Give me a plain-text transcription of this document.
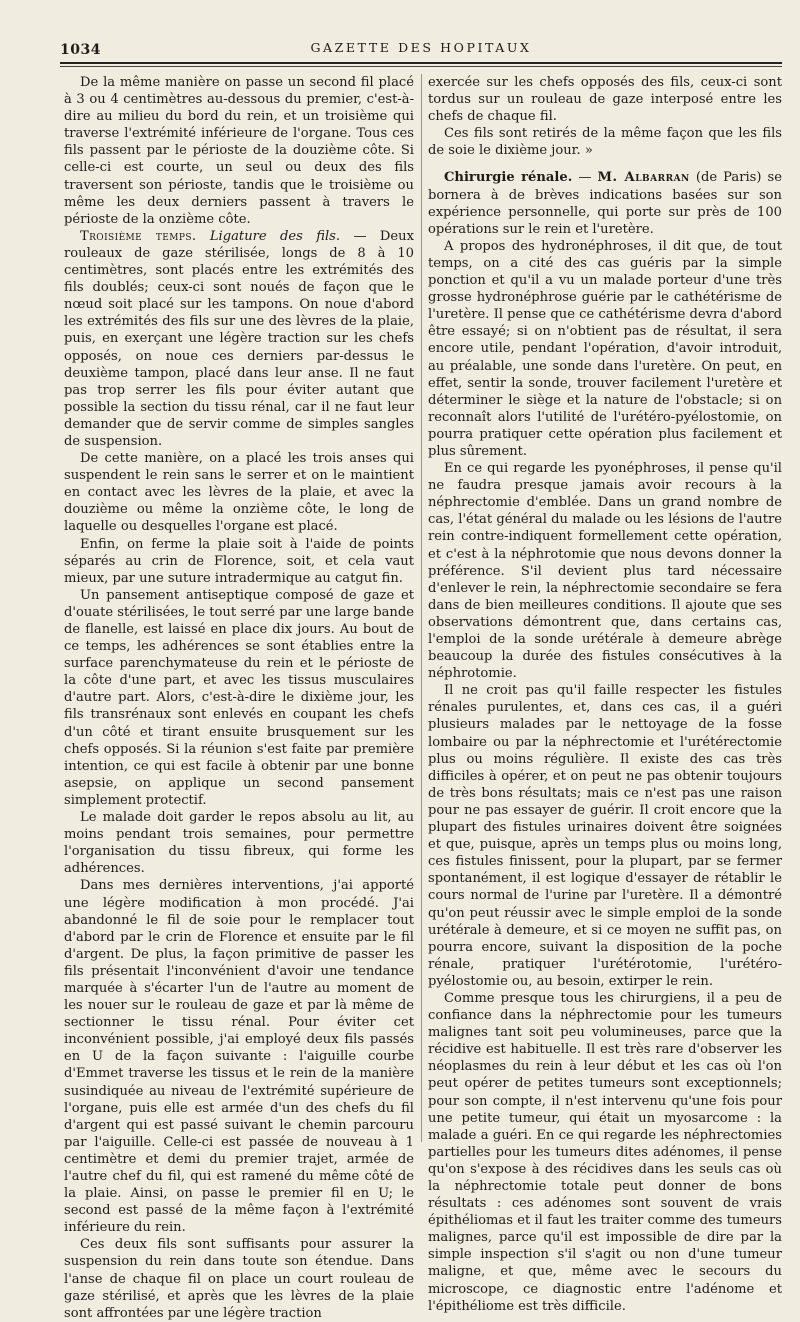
1034	GAZETTE DES HOPITAUX

De la même manière on passe un second fil placé à 3 ou 4 centimètres au-dessous du premier, c'est-à-dire au milieu du bord du rein, et un troisième qui traverse l'extrémité inférieure de l'organe. Tous ces fils passent par le périoste de la douzième côte. Si celle-ci est courte, un seul ou deux des fils traversent son périoste, tandis que le troisième ou même les deux derniers passent à travers le périoste de la onzième côte.

Troisième temps. Ligature des fils. — Deux rouleaux de gaze stérilisée, longs de 8 à 10 centimètres, sont placés entre les extrémités des fils doublés; ceux-ci sont noués de façon que le nœud soit placé sur les tampons. On noue d'abord les extrémités des fils sur une des lèvres de la plaie, puis, en exerçant une légère traction sur les chefs opposés, on noue ces derniers par-dessus le deuxième tampon, placé dans leur anse. Il ne faut pas trop serrer les fils pour éviter autant que possible la section du tissu rénal, car il ne faut leur demander que de servir comme de simples sangles de suspension.

De cette manière, on a placé les trois anses qui suspendent le rein sans le serrer et on le maintient en contact avec les lèvres de la plaie, et avec la douzième ou même la onzième côte, le long de laquelle ou desquelles l'organe est placé.

Enfin, on ferme la plaie soit à l'aide de points séparés au crin de Florence, soit, et cela vaut mieux, par une suture intradermique au catgut fin.

Un pansement antiseptique composé de gaze et d'ouate stérilisées, le tout serré par une large bande de flanelle, est laissé en place dix jours. Au bout de ce temps, les adhérences se sont établies entre la surface parenchymateuse du rein et le périoste de la côte d'une part, et avec les tissus musculaires d'autre part. Alors, c'est-à-dire le dixième jour, les fils transrénaux sont enlevés en coupant les chefs d'un côté et tirant ensuite brusquement sur les chefs opposés. Si la réunion s'est faite par première intention, ce qui est facile à obtenir par une bonne asepsie, on applique un second pansement simplement protectif.

Le malade doit garder le repos absolu au lit, au moins pendant trois semaines, pour permettre l'organisation du tissu fibreux, qui forme les adhérences.

Dans mes dernières interventions, j'ai apporté une légère modification à mon procédé. J'ai abandonné le fil de soie pour le remplacer tout d'abord par le crin de Florence et ensuite par le fil d'argent. De plus, la façon primitive de passer les fils présentait l'inconvénient d'avoir une tendance marquée à s'écarter l'un de l'autre au moment de les nouer sur le rouleau de gaze et par là même de sectionner le tissu rénal. Pour éviter cet inconvénient possible, j'ai employé deux fils passés en U de la façon suivante : l'aiguille courbe d'Emmet traverse les tissus et le rein de la manière susindiquée au niveau de l'extrémité supérieure de l'organe, puis elle est armée d'un des chefs du fil d'argent qui est passé suivant le chemin parcouru par l'aiguille. Celle-ci est passée de nouveau à 1 centimètre et demi du premier trajet, armée de l'autre chef du fil, qui est ramené du même côté de la plaie. Ainsi, on passe le premier fil en U; le second est passé de la même façon à l'extrémité inférieure du rein.

Ces deux fils sont suffisants pour assurer la suspension du rein dans toute son étendue. Dans l'anse de chaque fil on place un court rouleau de gaze stérilisé, et après que les lèvres de la plaie sont affrontées par une légère traction

exercée sur les chefs opposés des fils, ceux-ci sont tordus sur un rouleau de gaze interposé entre les chefs de chaque fil.

Ces fils sont retirés de la même façon que les fils de soie le dixième jour. »

Chirurgie rénale. — M. Albarran (de Paris) se bornera à de brèves indications basées sur son expérience personnelle, qui porte sur près de 100 opérations sur le rein et l'uretère.

A propos des hydronéphroses, il dit que, de tout temps, on a cité des cas guéris par la simple ponction et qu'il a vu un malade porteur d'une très grosse hydronéphrose guérie par le cathétérisme de l'uretère. Il pense que ce cathétérisme devra d'abord être essayé; si on n'obtient pas de résultat, il sera encore utile, pendant l'opération, d'avoir introduit, au préalable, une sonde dans l'uretère. On peut, en effet, sentir la sonde, trouver facilement l'uretère et déterminer le siège et la nature de l'obstacle; si on reconnaît alors l'utilité de l'urétéro-pyélostomie, on pourra pratiquer cette opération plus facilement et plus sûrement.

En ce qui regarde les pyonéphroses, il pense qu'il ne faudra presque jamais avoir recours à la néphrectomie d'emblée. Dans un grand nombre de cas, l'état général du malade ou les lésions de l'autre rein contre-indiquent formellement cette opération, et c'est à la néphrotomie que nous devons donner la préférence. S'il devient plus tard nécessaire d'enlever le rein, la néphrectomie secondaire se fera dans de bien meilleures conditions. Il ajoute que ses observations démontrent que, dans certains cas, l'emploi de la sonde urétérale à demeure abrège beaucoup la durée des fistules consécutives à la néphrotomie.

Il ne croit pas qu'il faille respecter les fistules rénales purulentes, et, dans ces cas, il a guéri plusieurs malades par le nettoyage de la fosse lombaire ou par la néphrectomie et l'urétérectomie plus ou moins régulière. Il existe des cas très difficiles à opérer, et on peut ne pas obtenir toujours de très bons résultats; mais ce n'est pas une raison pour ne pas essayer de guérir. Il croit encore que la plupart des fistules urinaires doivent être soignées et que, puisque, après un temps plus ou moins long, ces fistules finissent, pour la plupart, par se fermer spontanément, il est logique d'essayer de rétablir le cours normal de l'urine par l'uretère. Il a démontré qu'on peut réussir avec le simple emploi de la sonde urétérale à demeure, et si ce moyen ne suffit pas, on pourra encore, suivant la disposition de la poche rénale, pratiquer l'urétérotomie, l'urétéro-pyélostomie ou, au besoin, extirper le rein.

Comme presque tous les chirurgiens, il a peu de confiance dans la néphrectomie pour les tumeurs malignes tant soit peu volumineuses, parce que la récidive est habituelle. Il est très rare d'observer les néoplasmes du rein à leur début et les cas où l'on peut opérer de petites tumeurs sont exceptionnels; pour son compte, il n'est intervenu qu'une fois pour une petite tumeur, qui était un myosarcome : la malade a guéri. En ce qui regarde les néphrectomies partielles pour les tumeurs dites adénomes, il pense qu'on s'expose à des récidives dans les seuls cas où la néphrectomie totale peut donner de bons résultats : ces adénomes sont souvent de vrais épithéliomas et il faut les traiter comme des tumeurs malignes, parce qu'il est impossible de dire par la simple inspection s'il s'agit ou non d'une tumeur maligne, et que, même avec le secours du microscope, ce diagnostic entre l'adénome et l'épithéliome est très difficile.
